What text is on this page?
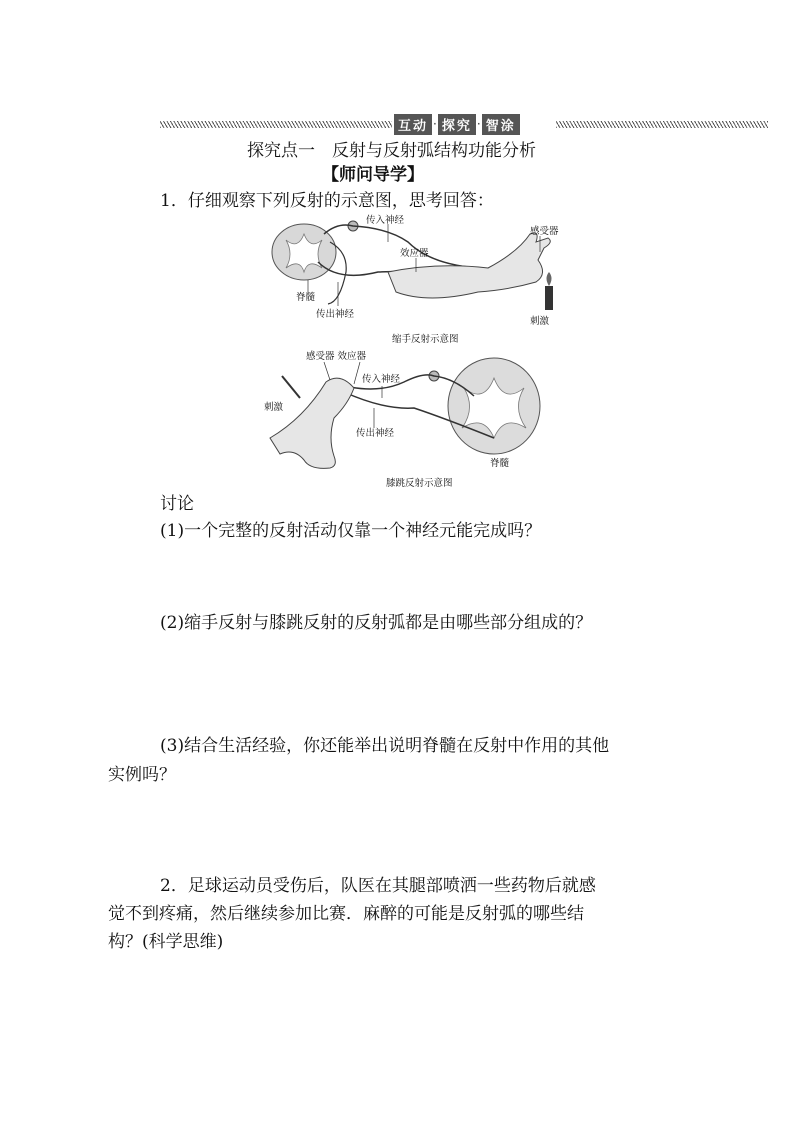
互动 · 探究 · 智涂
探究点一　反射与反射弧结构功能分析
【师问导学】
1．仔细观察下列反射的示意图，思考回答：
传入神经
效应器
感受器
脊髓
传出神经
刺激
缩手反射示意图
感受器 效应器
传入神经
刺激
传出神经
脊髓
膝跳反射示意图
讨论
(1)一个完整的反射活动仅靠一个神经元能完成吗？
(2)缩手反射与膝跳反射的反射弧都是由哪些部分组成的？
(3)结合生活经验，你还能举出说明脊髓在反射中作用的其他
实例吗？
2．足球运动员受伤后，队医在其腿部喷洒一些药物后就感
觉不到疼痛，然后继续参加比赛．麻醉的可能是反射弧的哪些结
构？(科学思维)
